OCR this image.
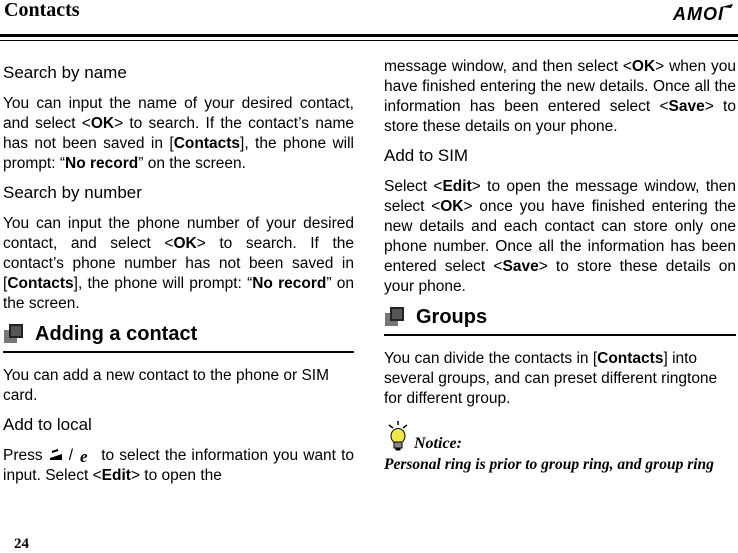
Contacts	AMOI
Search by name

You can input the name of your desired contact, and select <OK> to search. If the contact’s name has not been saved in [Contacts], the phone will prompt: “No record” on the screen.

Search by number

You can input the phone number of your desired contact, and select <OK> to search. If the contact’s phone number has not been saved in [Contacts], the phone will prompt: “No record” on the screen.

Adding a contact

You can add a new contact to the phone or SIM card.

Add to local

Press / e to select the information you want to input. Select <Edit> to open the

message window, and then select <OK> when you have finished entering the new details. Once all the information has been entered select <Save> to store these details on your phone.

Add to SIM

Select <Edit> to open the message window, then select <OK> once you have finished entering the new details and each contact can store only one phone number. Once all the information has been entered select <Save> to store these details on your phone.

Groups

You can divide the contacts in [Contacts] into several groups, and can preset different ringtone for different group.

Notice:
Personal ring is prior to group ring, and group ring
24
